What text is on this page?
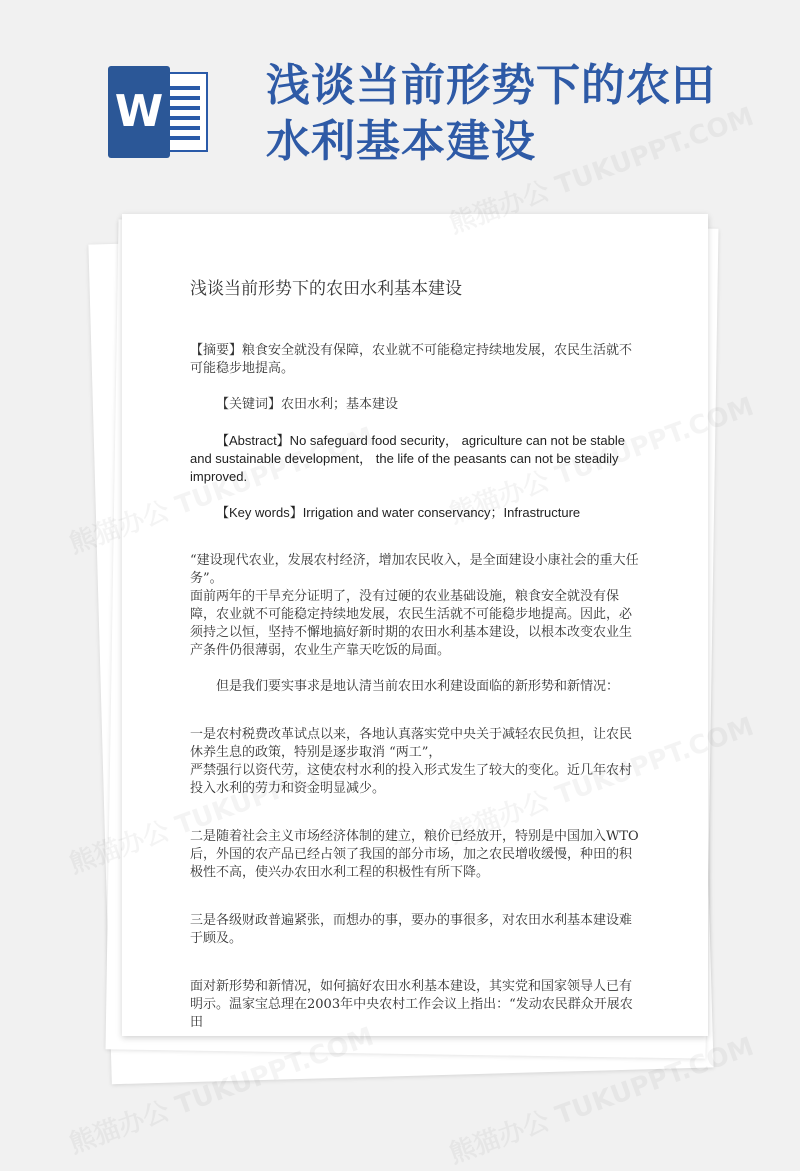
W
浅谈当前形势下的农田水利基本建设

浅谈当前形势下的农田水利基本建设

【摘要】粮食安全就没有保障，农业就不可能稳定持续地发展，农民生活就不可能稳步地提高。

【关键词】农田水利；基本建设

【Abstract】No safeguard food security， agriculture can not be stable and sustainable development， the life of the peasants can not be steadily improved.

【Key words】Irrigation and water conservancy；Infrastructure

“建设现代农业，发展农村经济，增加农民收入，是全面建设小康社会的重大任务”。

面前两年的干旱充分证明了，没有过硬的农业基础设施，粮食安全就没有保障，农业就不可能稳定持续地发展，农民生活就不可能稳步地提高。因此，必须持之以恒，坚持不懈地搞好新时期的农田水利基本建设，以根本改变农业生产条件仍很薄弱，农业生产靠天吃饭的局面。

但是我们要实事求是地认清当前农田水利建设面临的新形势和新情况：

一是农村税费改革试点以来，各地认真落实党中央关于减轻农民负担，让农民休养生息的政策，特别是逐步取消 “两工”，

严禁强行以资代劳，这使农村水利的投入形式发生了较大的变化。近几年农村投入水利的劳力和资金明显减少。

二是随着社会主义市场经济体制的建立，粮价已经放开，特别是中国加入WTO后，外国的农产品已经占领了我国的部分市场，加之农民增收缓慢，种田的积极性不高，使兴办农田水利工程的积极性有所下降。

三是各级财政普遍紧张，而想办的事，要办的事很多，对农田水利基本建设难于顾及。

面对新形势和新情况，如何搞好农田水利基本建设，其实党和国家领导人已有明示。温家宝总理在2003年中央农村工作会议上指出：“发动农民群众开展农田
